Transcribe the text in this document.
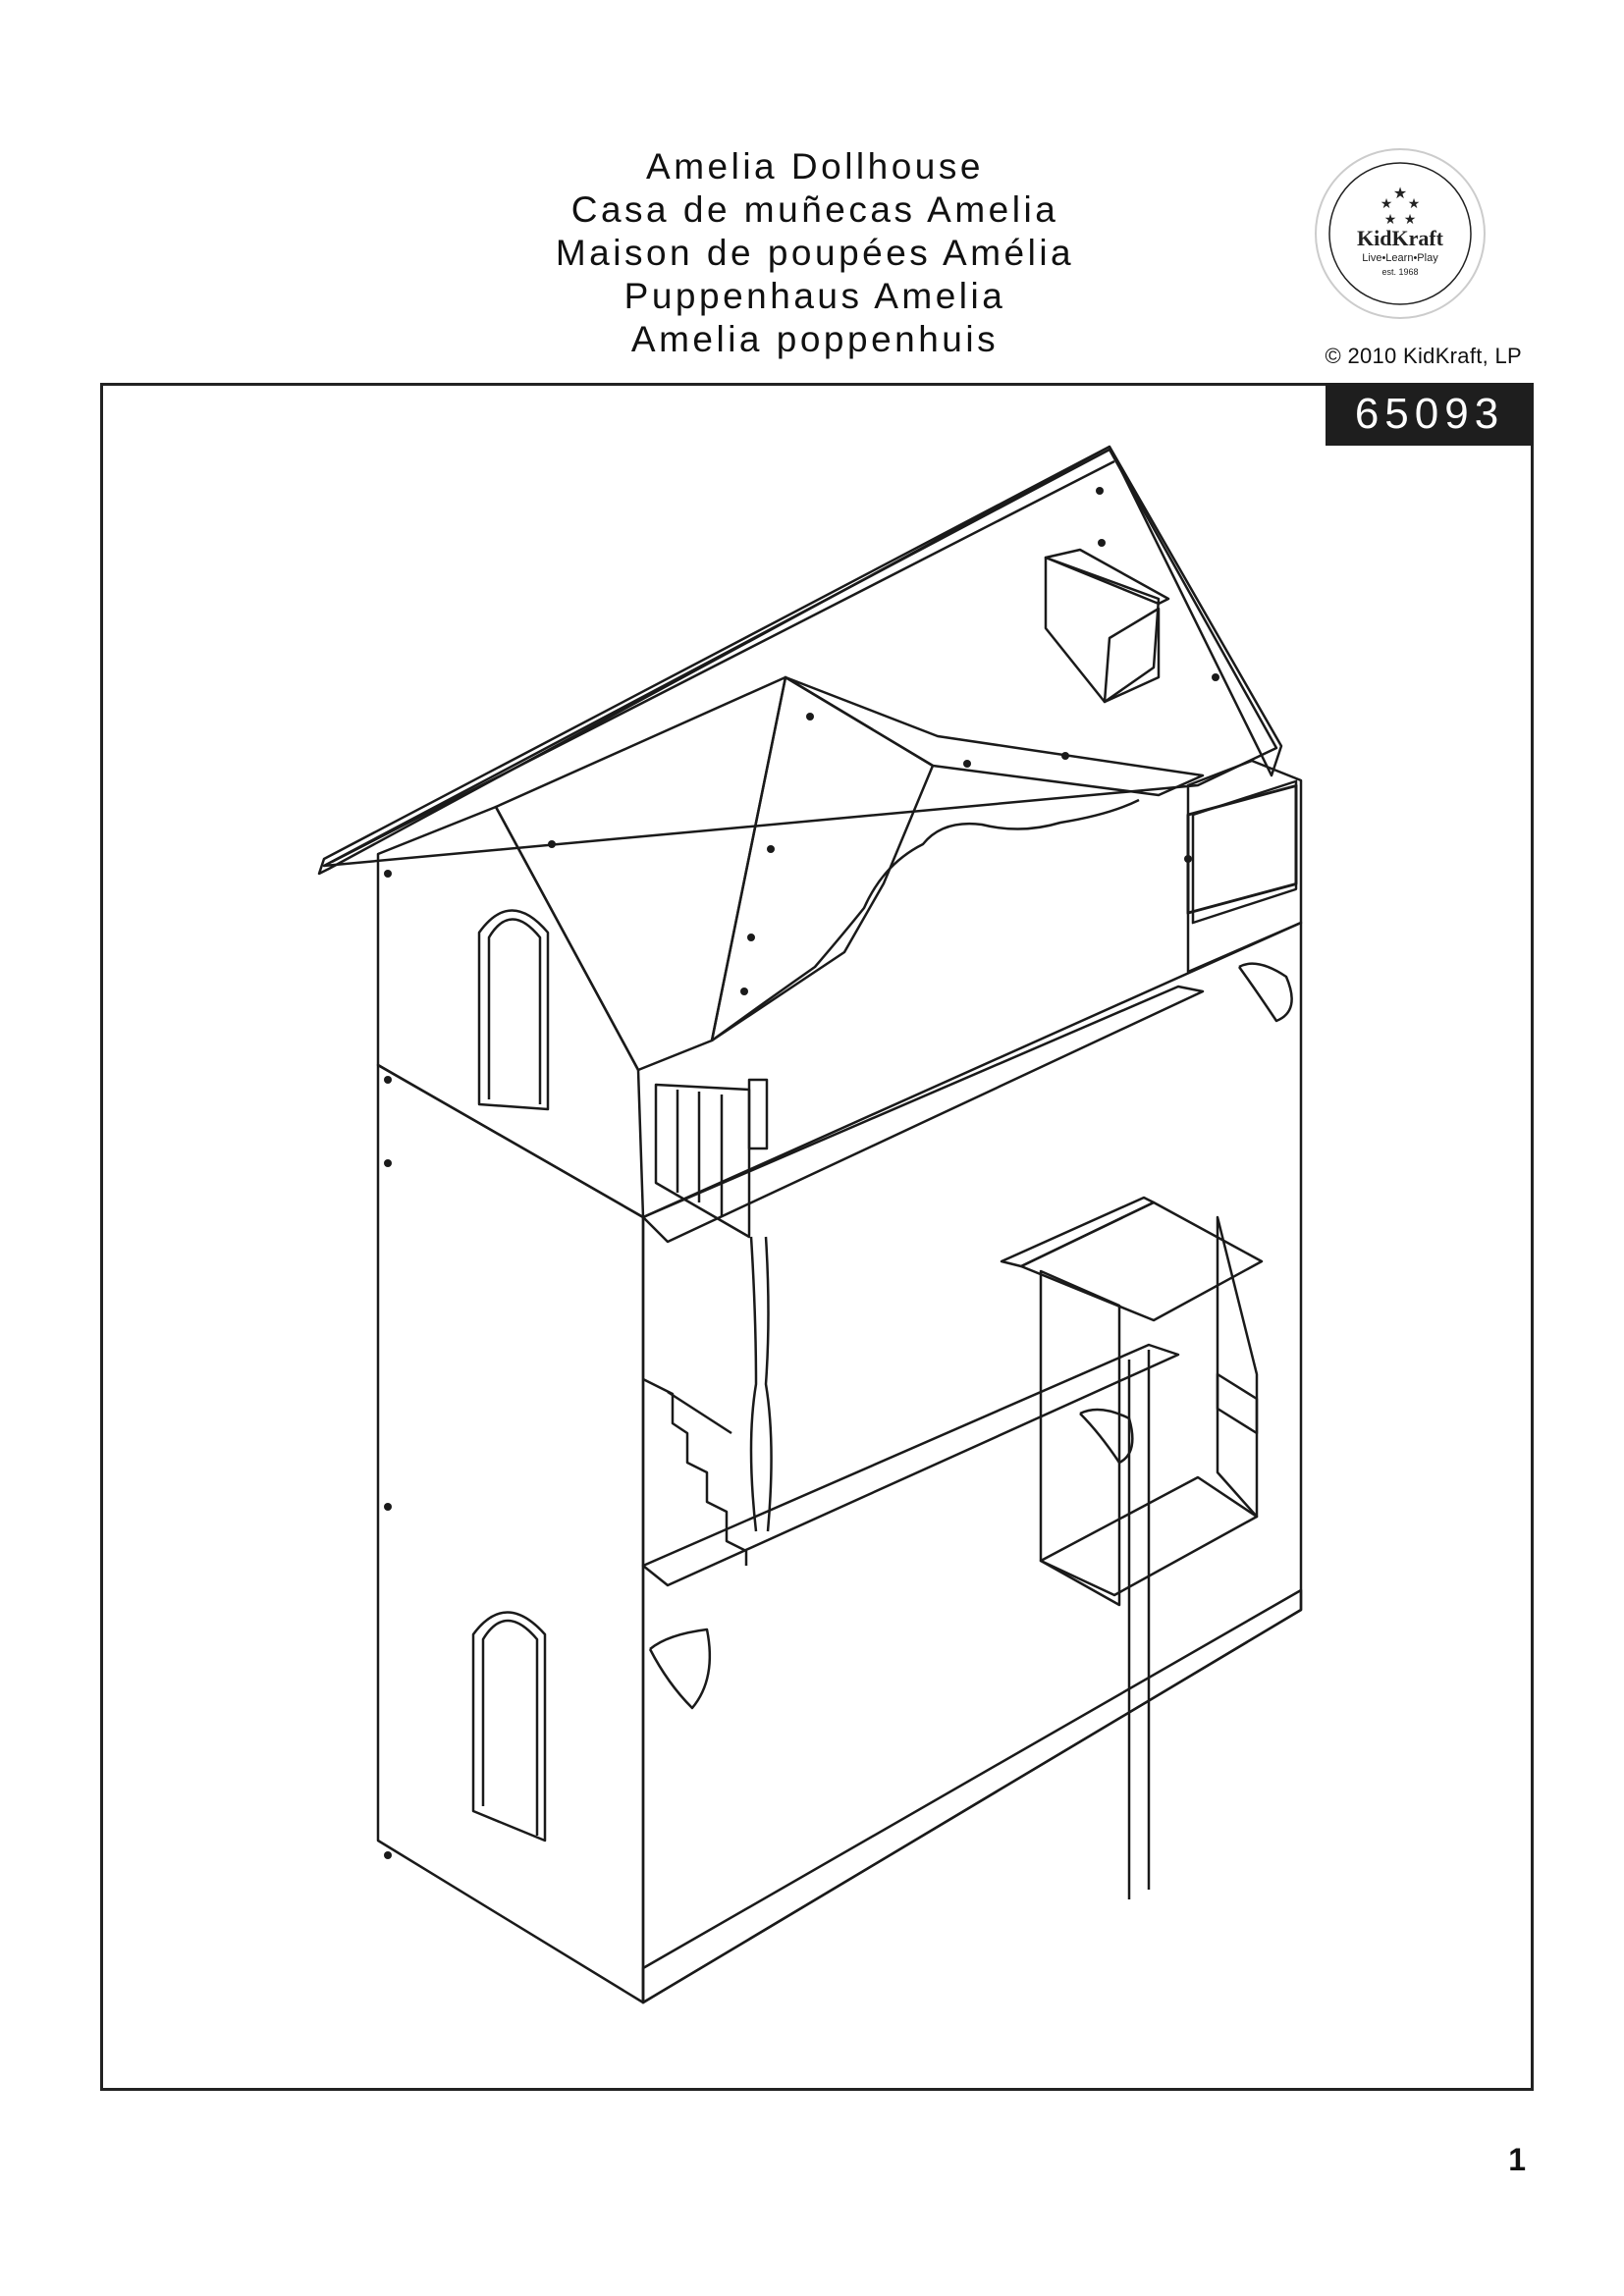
Amelia Dollhouse
Casa de muñecas Amelia
Maison de poupées Amélia
Puppenhaus Amelia
Amelia poppenhuis
★
★ ★
★ ★
KidKraft
Live•Learn•Play
est. 1968
© 2010 KidKraft, LP
65093
1
